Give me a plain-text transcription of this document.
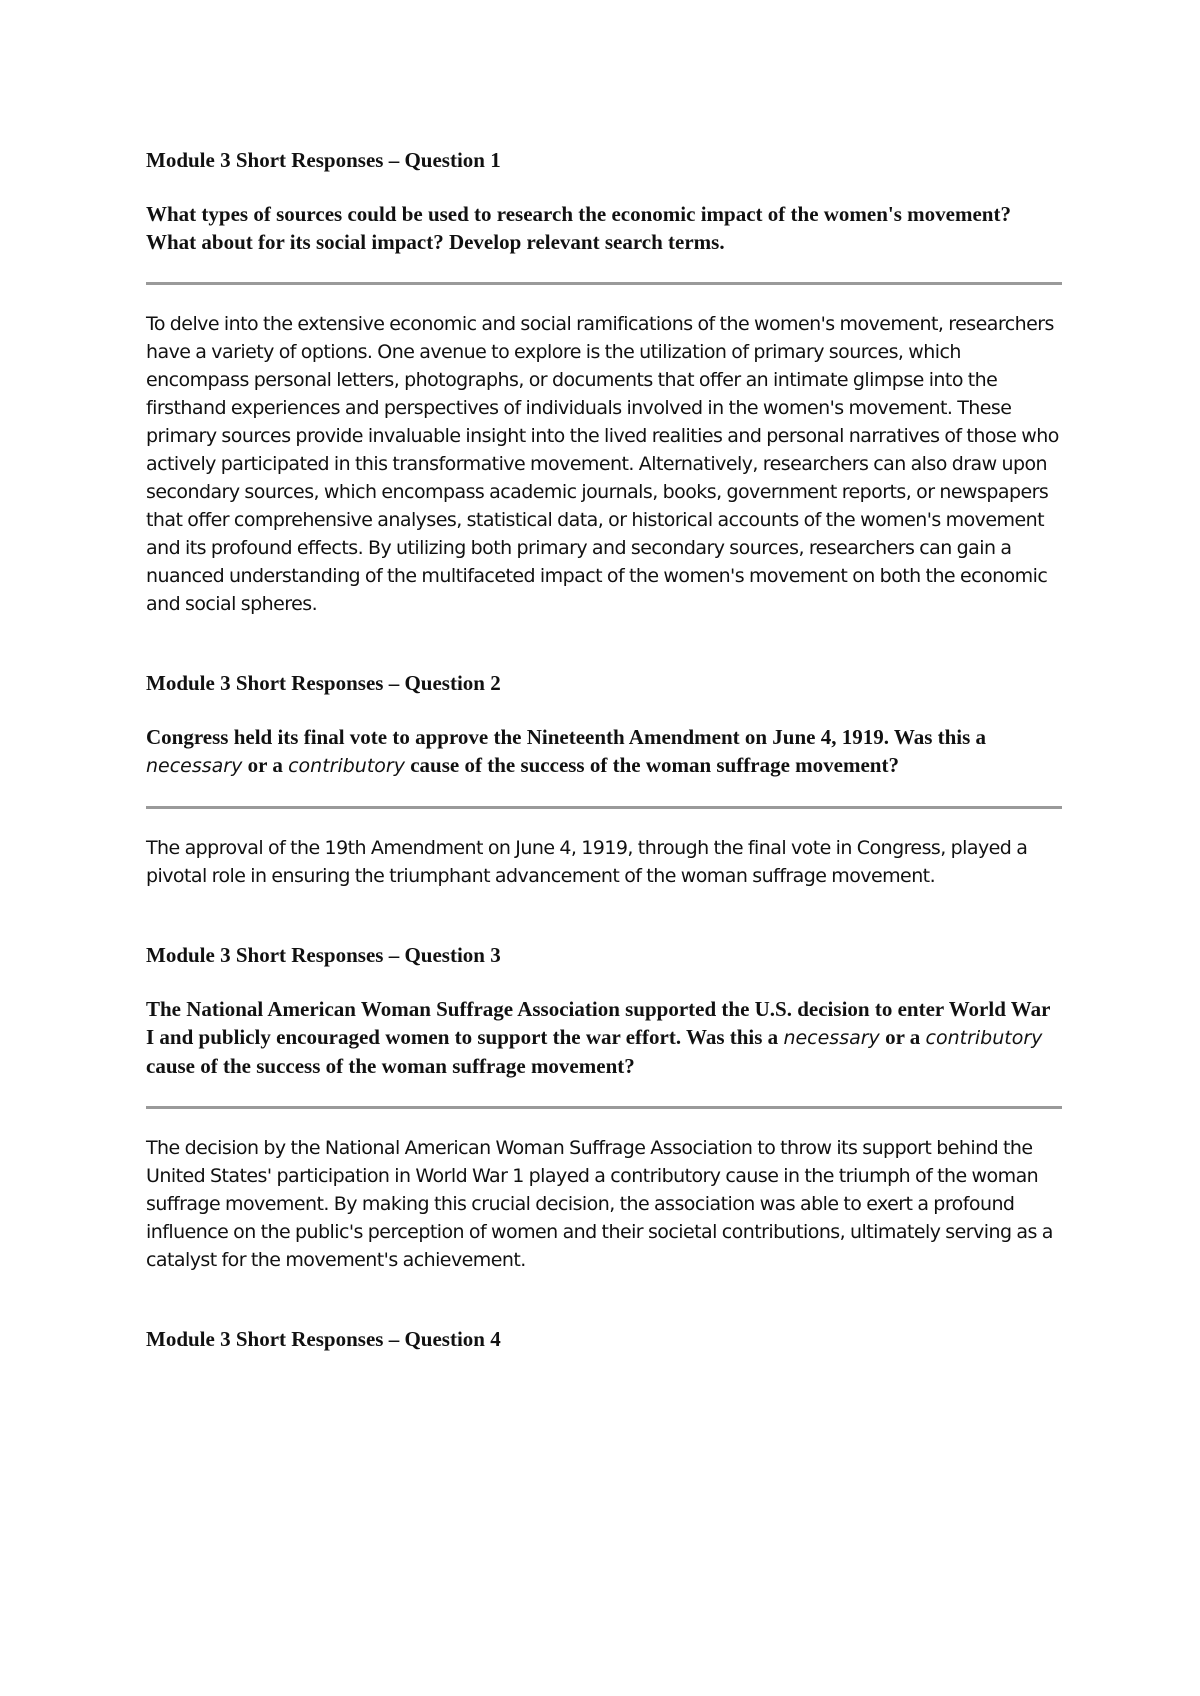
Module 3 Short Responses – Question 1

What types of sources could be used to research the economic impact of the women's movement? What about for its social impact? Develop relevant search terms.

To delve into the extensive economic and social ramifications of the women's movement, researchers have a variety of options. One avenue to explore is the utilization of primary sources, which encompass personal letters, photographs, or documents that offer an intimate glimpse into the firsthand experiences and perspectives of individuals involved in the women's movement. These primary sources provide invaluable insight into the lived realities and personal narratives of those who actively participated in this transformative movement. Alternatively, researchers can also draw upon secondary sources, which encompass academic journals, books, government reports, or newspapers that offer comprehensive analyses, statistical data, or historical accounts of the women's movement and its profound effects. By utilizing both primary and secondary sources, researchers can gain a nuanced understanding of the multifaceted impact of the women's movement on both the economic and social spheres.

Module 3 Short Responses – Question 2

Congress held its final vote to approve the Nineteenth Amendment on June 4, 1919. Was this a necessary or a contributory cause of the success of the woman suffrage movement?

The approval of the 19th Amendment on June 4, 1919, through the final vote in Congress, played a pivotal role in ensuring the triumphant advancement of the woman suffrage movement.

Module 3 Short Responses – Question 3

The National American Woman Suffrage Association supported the U.S. decision to enter World War I and publicly encouraged women to support the war effort. Was this a necessary or a contributory cause of the success of the woman suffrage movement?

The decision by the National American Woman Suffrage Association to throw its support behind the United States' participation in World War 1 played a contributory cause in the triumph of the woman suffrage movement. By making this crucial decision, the association was able to exert a profound influence on the public's perception of women and their societal contributions, ultimately serving as a catalyst for the movement's achievement.

Module 3 Short Responses – Question 4
